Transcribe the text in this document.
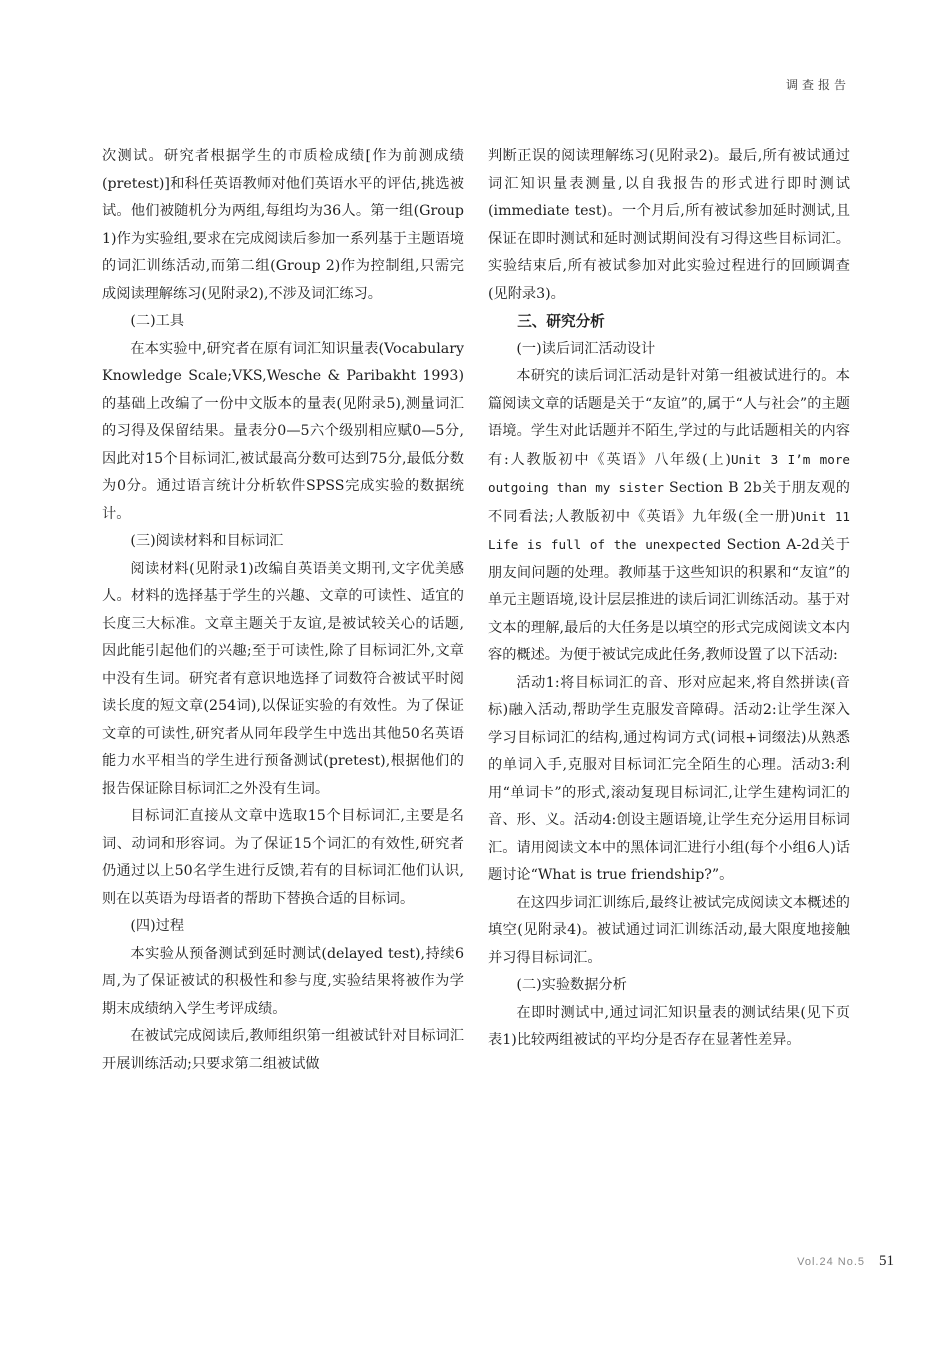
调查报告

次测试。研究者根据学生的市质检成绩[作为前测成绩(pretest)]和科任英语教师对他们英语水平的评估,挑选被试。他们被随机分为两组,每组均为36人。第一组(Group 1)作为实验组,要求在完成阅读后参加一系列基于主题语境的词汇训练活动,而第二组(Group 2)作为控制组,只需完成阅读理解练习(见附录2),不涉及词汇练习。

(二)工具

在本实验中,研究者在原有词汇知识量表(Vocabulary Knowledge Scale;VKS,Wesche & Paribakht 1993)的基础上改编了一份中文版本的量表(见附录5),测量词汇的习得及保留结果。量表分0—5六个级别相应赋0—5分,因此对15个目标词汇,被试最高分数可达到75分,最低分数为0分。通过语言统计分析软件SPSS完成实验的数据统计。

(三)阅读材料和目标词汇

阅读材料(见附录1)改编自英语美文期刊,文字优美感人。材料的选择基于学生的兴趣、文章的可读性、适宜的长度三大标准。文章主题关于友谊,是被试较关心的话题,因此能引起他们的兴趣;至于可读性,除了目标词汇外,文章中没有生词。研究者有意识地选择了词数符合被试平时阅读长度的短文章(254词),以保证实验的有效性。为了保证文章的可读性,研究者从同年段学生中选出其他50名英语能力水平相当的学生进行预备测试(pretest),根据他们的报告保证除目标词汇之外没有生词。

目标词汇直接从文章中选取15个目标词汇,主要是名词、动词和形容词。为了保证15个词汇的有效性,研究者仍通过以上50名学生进行反馈,若有的目标词汇他们认识,则在以英语为母语者的帮助下替换合适的目标词。

(四)过程

本实验从预备测试到延时测试(delayed test),持续6周,为了保证被试的积极性和参与度,实验结果将被作为学期末成绩纳入学生考评成绩。

在被试完成阅读后,教师组织第一组被试针对目标词汇开展训练活动;只要求第二组被试做

判断正误的阅读理解练习(见附录2)。最后,所有被试通过词汇知识量表测量,以自我报告的形式进行即时测试(immediate test)。一个月后,所有被试参加延时测试,且保证在即时测试和延时测试期间没有习得这些目标词汇。实验结束后,所有被试参加对此实验过程进行的回顾调查(见附录3)。

三、研究分析
(一)读后词汇活动设计

本研究的读后词汇活动是针对第一组被试进行的。本篇阅读文章的话题是关于“友谊”的,属于“人与社会”的主题语境。学生对此话题并不陌生,学过的与此话题相关的内容有:人教版初中《英语》八年级(上)Unit 3 I’m more outgoing than my sister Section B 2b关于朋友观的不同看法;人教版初中《英语》九年级(全一册)Unit 11 Life is full of the unexpected Section A-2d关于朋友间问题的处理。教师基于这些知识的积累和“友谊”的单元主题语境,设计层层推进的读后词汇训练活动。基于对文本的理解,最后的大任务是以填空的形式完成阅读文本内容的概述。为便于被试完成此任务,教师设置了以下活动:

活动1:将目标词汇的音、形对应起来,将自然拼读(音标)融入活动,帮助学生克服发音障碍。活动2:让学生深入学习目标词汇的结构,通过构词方式(词根+词缀法)从熟悉的单词入手,克服对目标词汇完全陌生的心理。活动3:利用“单词卡”的形式,滚动复现目标词汇,让学生建构词汇的音、形、义。活动4:创设主题语境,让学生充分运用目标词汇。请用阅读文本中的黑体词汇进行小组(每个小组6人)话题讨论“What is true friendship?”。

在这四步词汇训练后,最终让被试完成阅读文本概述的填空(见附录4)。被试通过词汇训练活动,最大限度地接触并习得目标词汇。

(二)实验数据分析

在即时测试中,通过词汇知识量表的测试结果(见下页表1)比较两组被试的平均分是否存在显著性差异。

Vol.24 No.5 51
